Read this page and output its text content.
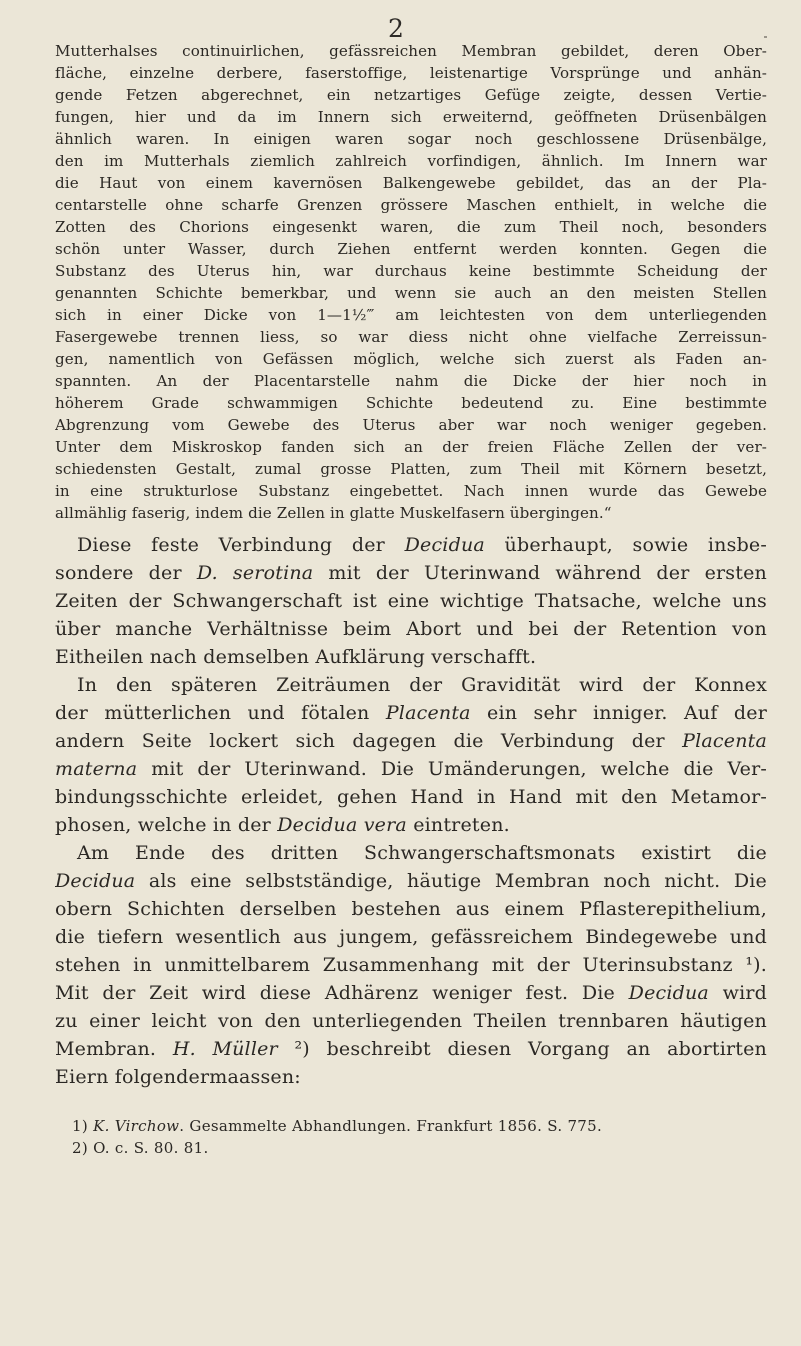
2
Mutterhalses continuirlichen, gefässreichen Membran gebildet, deren Ober-
fläche, einzelne derbere, faserstoffige, leistenartige Vorsprünge und anhän-
gende Fetzen abgerechnet, ein netzartiges Gefüge zeigte, dessen Vertie-
fungen, hier und da im Innern sich erweiternd, geöffneten Drüsenbälgen
ähnlich waren. In einigen waren sogar noch geschlossene Drüsenbälge,
den im Mutterhals ziemlich zahlreich vorfindigen, ähnlich. Im Innern war
die Haut von einem kavernösen Balkengewebe gebildet, das an der Pla-
centarstelle ohne scharfe Grenzen grössere Maschen enthielt, in welche die
Zotten des Chorions eingesenkt waren, die zum Theil noch, besonders
schön unter Wasser, durch Ziehen entfernt werden konnten. Gegen die
Substanz des Uterus hin, war durchaus keine bestimmte Scheidung der
genannten Schichte bemerkbar, und wenn sie auch an den meisten Stellen
sich in einer Dicke von 1—1½‴ am leichtesten von dem unterliegenden
Fasergewebe trennen liess, so war diess nicht ohne vielfache Zerreissun-
gen, namentlich von Gefässen möglich, welche sich zuerst als Faden an-
spannten. An der Placentarstelle nahm die Dicke der hier noch in
höherem Grade schwammigen Schichte bedeutend zu. Eine bestimmte
Abgrenzung vom Gewebe des Uterus aber war noch weniger gegeben.
Unter dem Miskroskop fanden sich an der freien Fläche Zellen der ver-
schiedensten Gestalt, zumal grosse Platten, zum Theil mit Körnern besetzt,
in eine strukturlose Substanz eingebettet. Nach innen wurde das Gewebe
allmählig faserig, indem die Zellen in glatte Muskelfasern übergingen.“
Diese feste Verbindung der Decidua überhaupt, sowie insbe-
sondere der D. serotina mit der Uterinwand während der ersten
Zeiten der Schwangerschaft ist eine wichtige Thatsache, welche uns
über manche Verhältnisse beim Abort und bei der Retention von
Eitheilen nach demselben Aufklärung verschafft.
In den späteren Zeiträumen der Gravidität wird der Konnex
der mütterlichen und fötalen Placenta ein sehr inniger. Auf der
andern Seite lockert sich dagegen die Verbindung der Placenta
materna mit der Uterinwand. Die Umänderungen, welche die Ver-
bindungsschichte erleidet, gehen Hand in Hand mit den Metamor-
phosen, welche in der Decidua vera eintreten.
Am Ende des dritten Schwangerschaftsmonats existirt die
Decidua als eine selbstständige, häutige Membran noch nicht. Die
obern Schichten derselben bestehen aus einem Pflasterepithelium,
die tiefern wesentlich aus jungem, gefässreichem Bindegewebe und
stehen in unmittelbarem Zusammenhang mit der Uterinsubstanz ¹).
Mit der Zeit wird diese Adhärenz weniger fest. Die Decidua wird
zu einer leicht von den unterliegenden Theilen trennbaren häutigen
Membran. H. Müller ²) beschreibt diesen Vorgang an abortirten
Eiern folgendermaassen:
1) K. Virchow. Gesammelte Abhandlungen. Frankfurt 1856. S. 775.
2) O. c. S. 80. 81.
